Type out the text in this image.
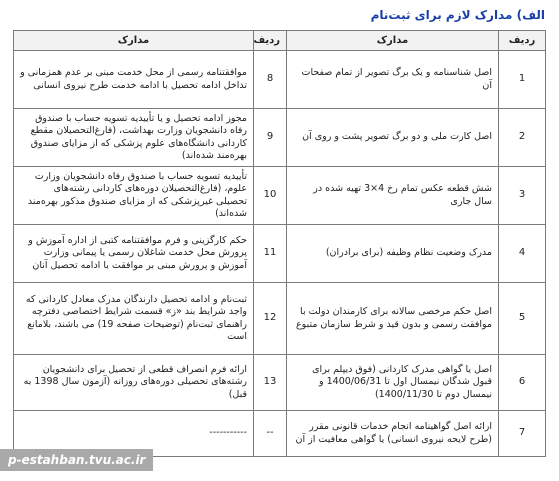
الف) مدارک لازم برای ثبت‌نام
ردیف	مدارک	ردیف	مدارک
1	اصل شناسنامه و یک برگ تصویر از تمام صفحات آن	8	موافقتنامه رسمی از محل خدمت مبنی بر عدم همزمانی و تداخل ادامه تحصیل با ادامه خدمت طرح نیروی انسانی
2	اصل کارت ملی و دو برگ تصویر پشت و روی آن	9	مجوز ادامه تحصیل و یا تأییدیه تسویه حساب با صندوق رفاه دانشجویان وزارت بهداشت، (فارغ‌التحصیلان مقطع کاردانی دانشگاه‌های علوم پزشکی که از مزایای صندوق بهره‌مند شده‌اند)
3	شش قطعه عکس تمام رخ 4×3 تهیه شده در سال جاری	10	تأییدیه تسویه حساب با صندوق رفاه دانشجویان وزارت علوم، (فارغ‌التحصیلان دوره‌های کاردانی رشته‌های تحصیلی غیرپزشکی که از مزایای صندوق مذکور بهره‌مند شده‌اند)
4	مدرک وضعیت نظام وظیفه (برای برادران)	11	حکم کارگزینی و فرم موافقتنامه کتبی از اداره آموزش و پرورش محل خدمت شاغلان رسمی یا پیمانی وزارت آموزش و پرورش مبنی بر موافقت با ادامه تحصیل آنان
5	اصل حکم مرخصی سالانه برای کارمندان دولت با موافقت رسمی و بدون قید و شرط سازمان متبوع	12	ثبت‌نام و ادامه تحصیل دارندگان مدرک معادل کاردانی که واجد شرایط بند «ز» قسمت شرایط اختصاصی دفترچه راهنمای ثبت‌نام (توضیحات صفحه 19) می باشند، بلامانع است
6	اصل یا گواهی مدرک کاردانی (فوق دیپلم برای قبول شدگان نیمسال اول تا 1400/06/31 و نیمسال دوم تا 1400/11/30)	13	ارائه فرم انصراف قطعی از تحصیل برای دانشجویان رشته‌های تحصیلی دوره‌های روزانه (آزمون سال 1398 به قبل)
7	ارائه اصل گواهینامه انجام خدمات قانونی مقرر (طرح لایحه نیروی انسانی) یا گواهی معافیت از آن	--	-----------
p-estahban.tvu.ac.ir
